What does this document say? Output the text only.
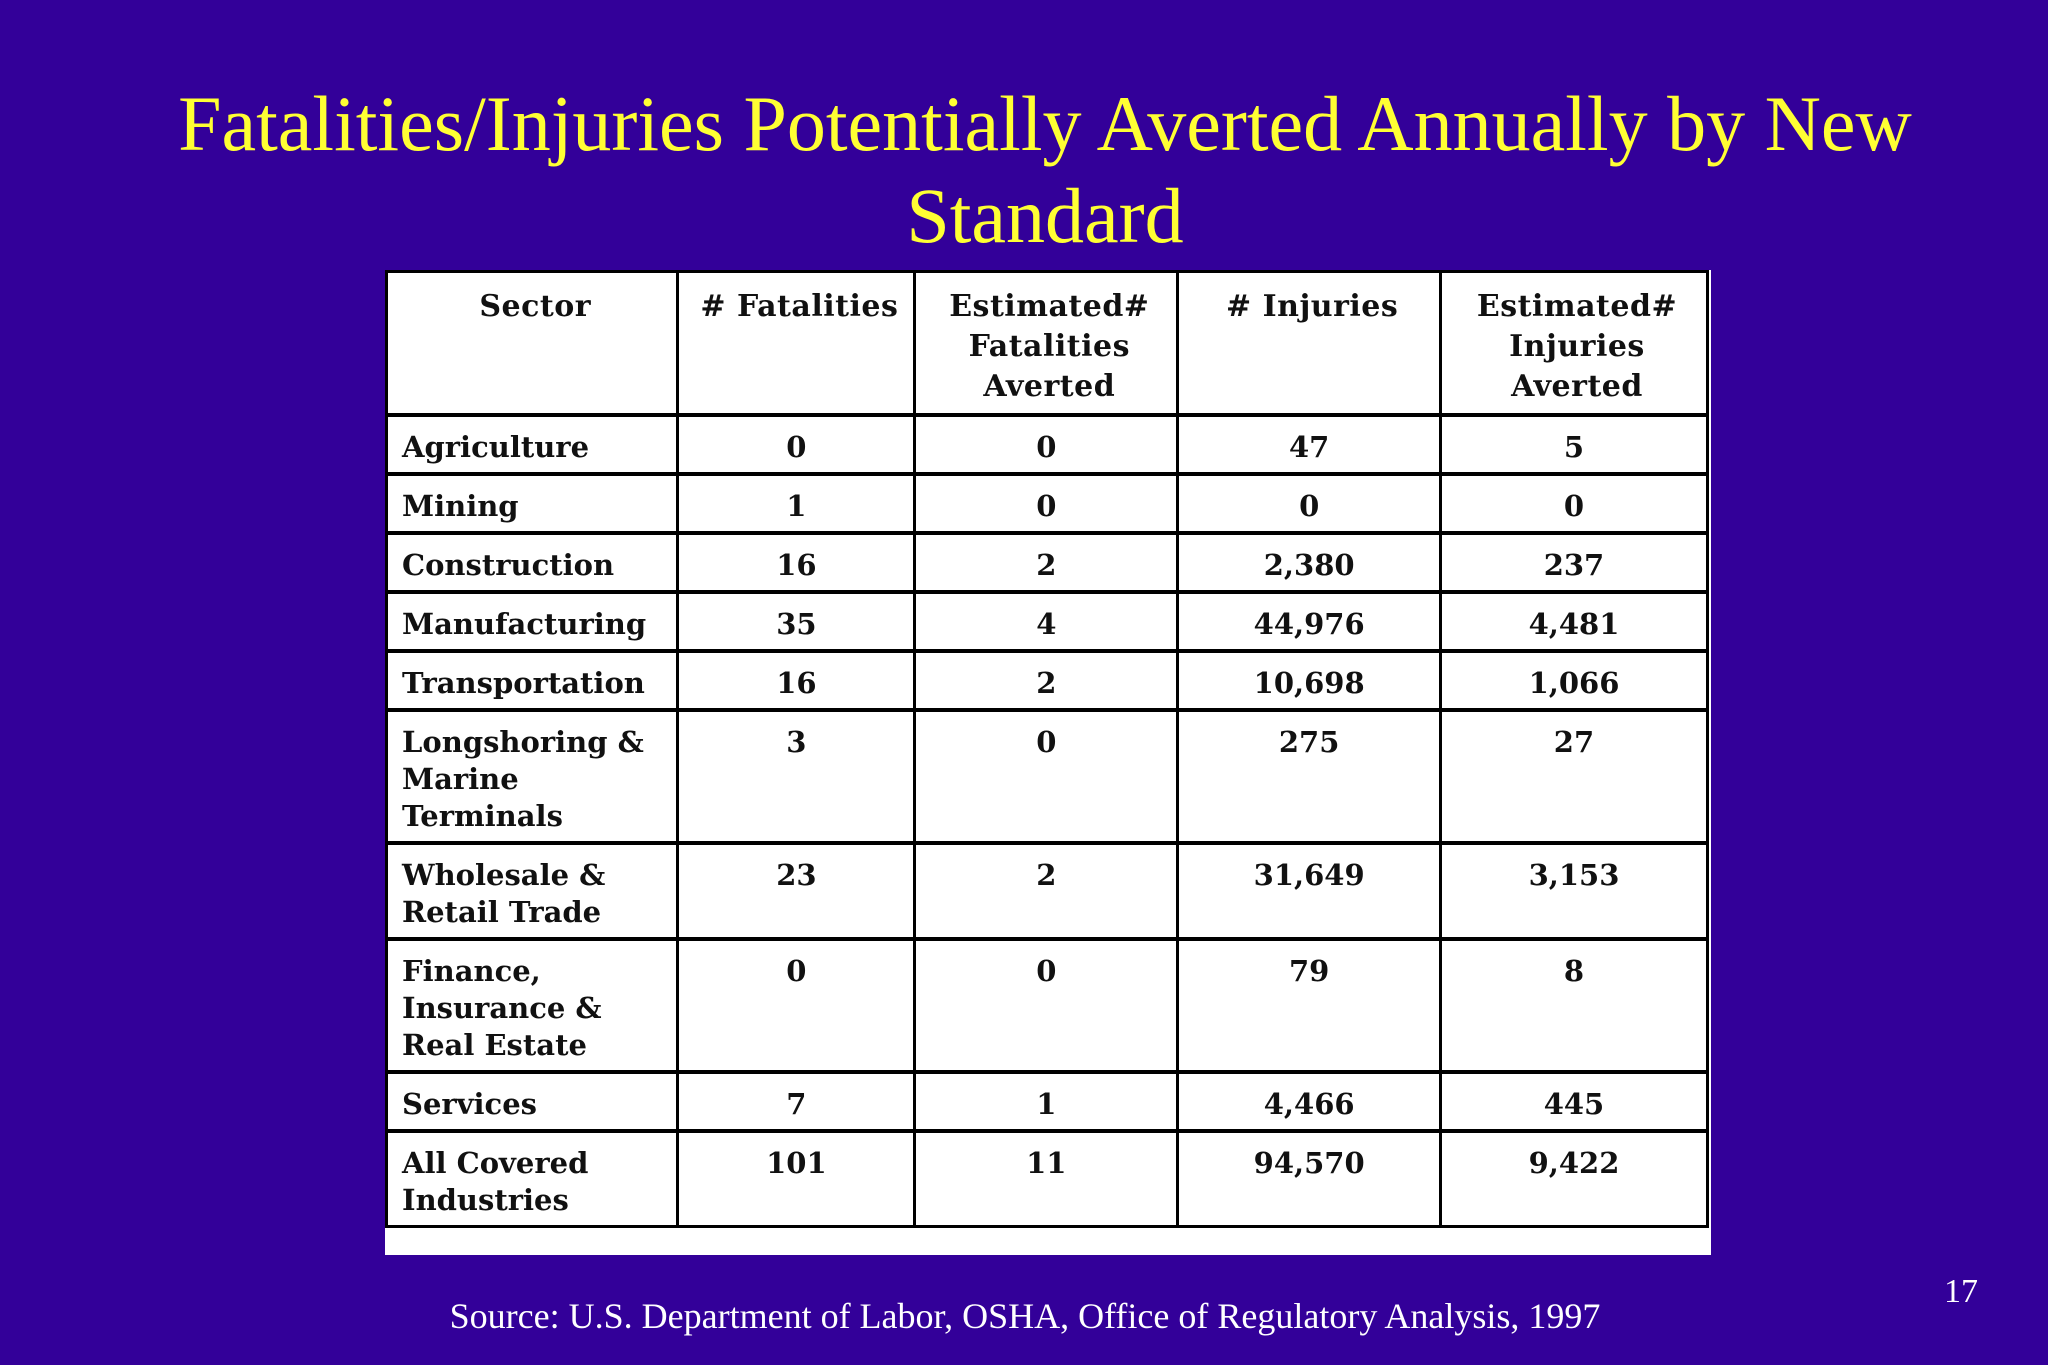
Fatalities/Injuries Potentially Averted Annually by New Standard
Sector	# Fatalities	Estimated# Fatalities Averted	# Injuries	Estimated# Injuries Averted
Agriculture	0	0	47	5
Mining	1	0	0	0
Construction	16	2	2,380	237
Manufacturing	35	4	44,976	4,481
Transportation	16	2	10,698	1,066
Longshoring & Marine Terminals	3	0	275	27
Wholesale & Retail Trade	23	2	31,649	3,153
Finance, Insurance & Real Estate	0	0	79	8
Services	7	1	4,466	445
All Covered Industries	101	11	94,570	9,422
Source: U.S. Department of Labor, OSHA, Office of Regulatory Analysis, 1997
17
